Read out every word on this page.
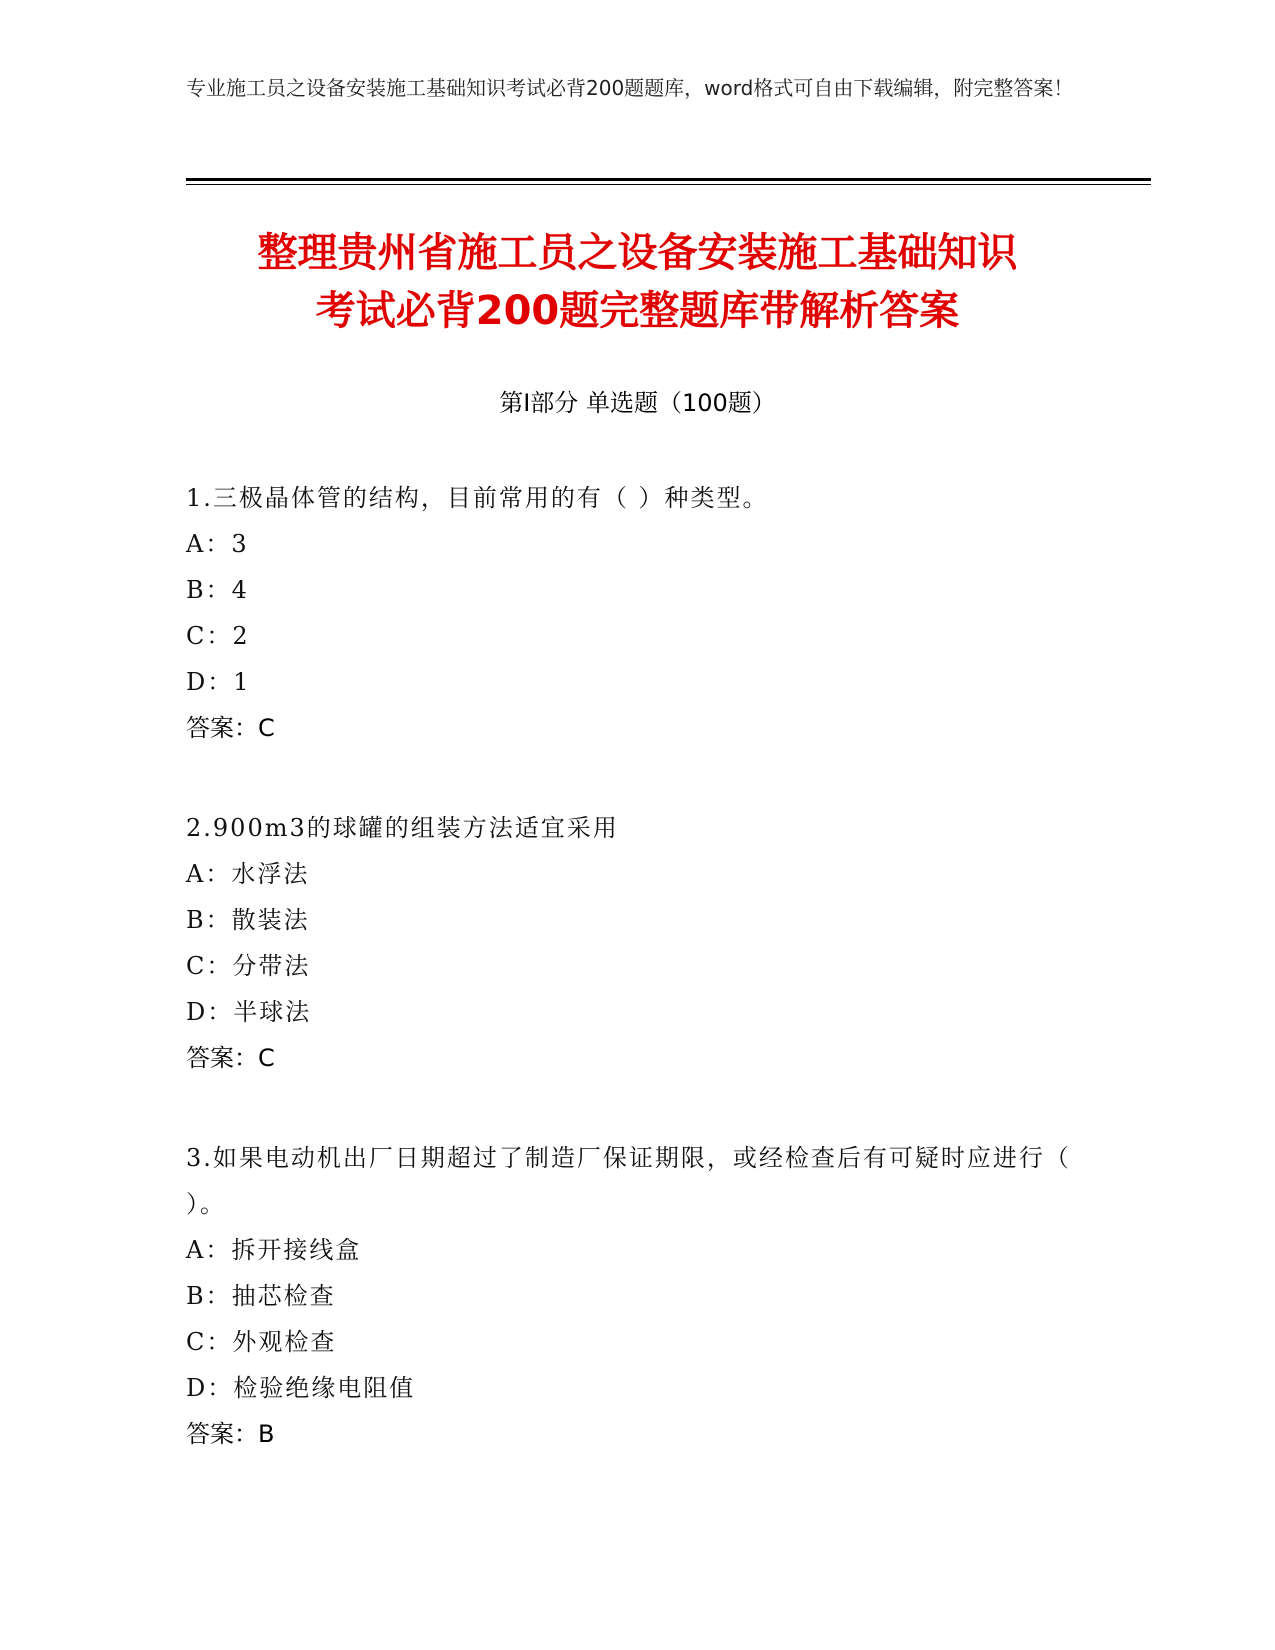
专业施工员之设备安装施工基础知识考试必背200题题库，word格式可自由下载编辑，附完整答案！
整理贵州省施工员之设备安装施工基础知识
考试必背200题完整题库带解析答案
第Ⅰ部分 单选题（100题）
1.三极晶体管的结构，目前常用的有（ ）种类型。
A：3
B：4
C：2
D：1
答案：C
2.900m3的球罐的组装方法适宜采用
A：水浮法
B：散装法
C：分带法
D：半球法
答案：C
3.如果电动机出厂日期超过了制造厂保证期限，或经检查后有可疑时应进行（ ）。
A：拆开接线盒
B：抽芯检查
C：外观检查
D：检验绝缘电阻值
答案：B
